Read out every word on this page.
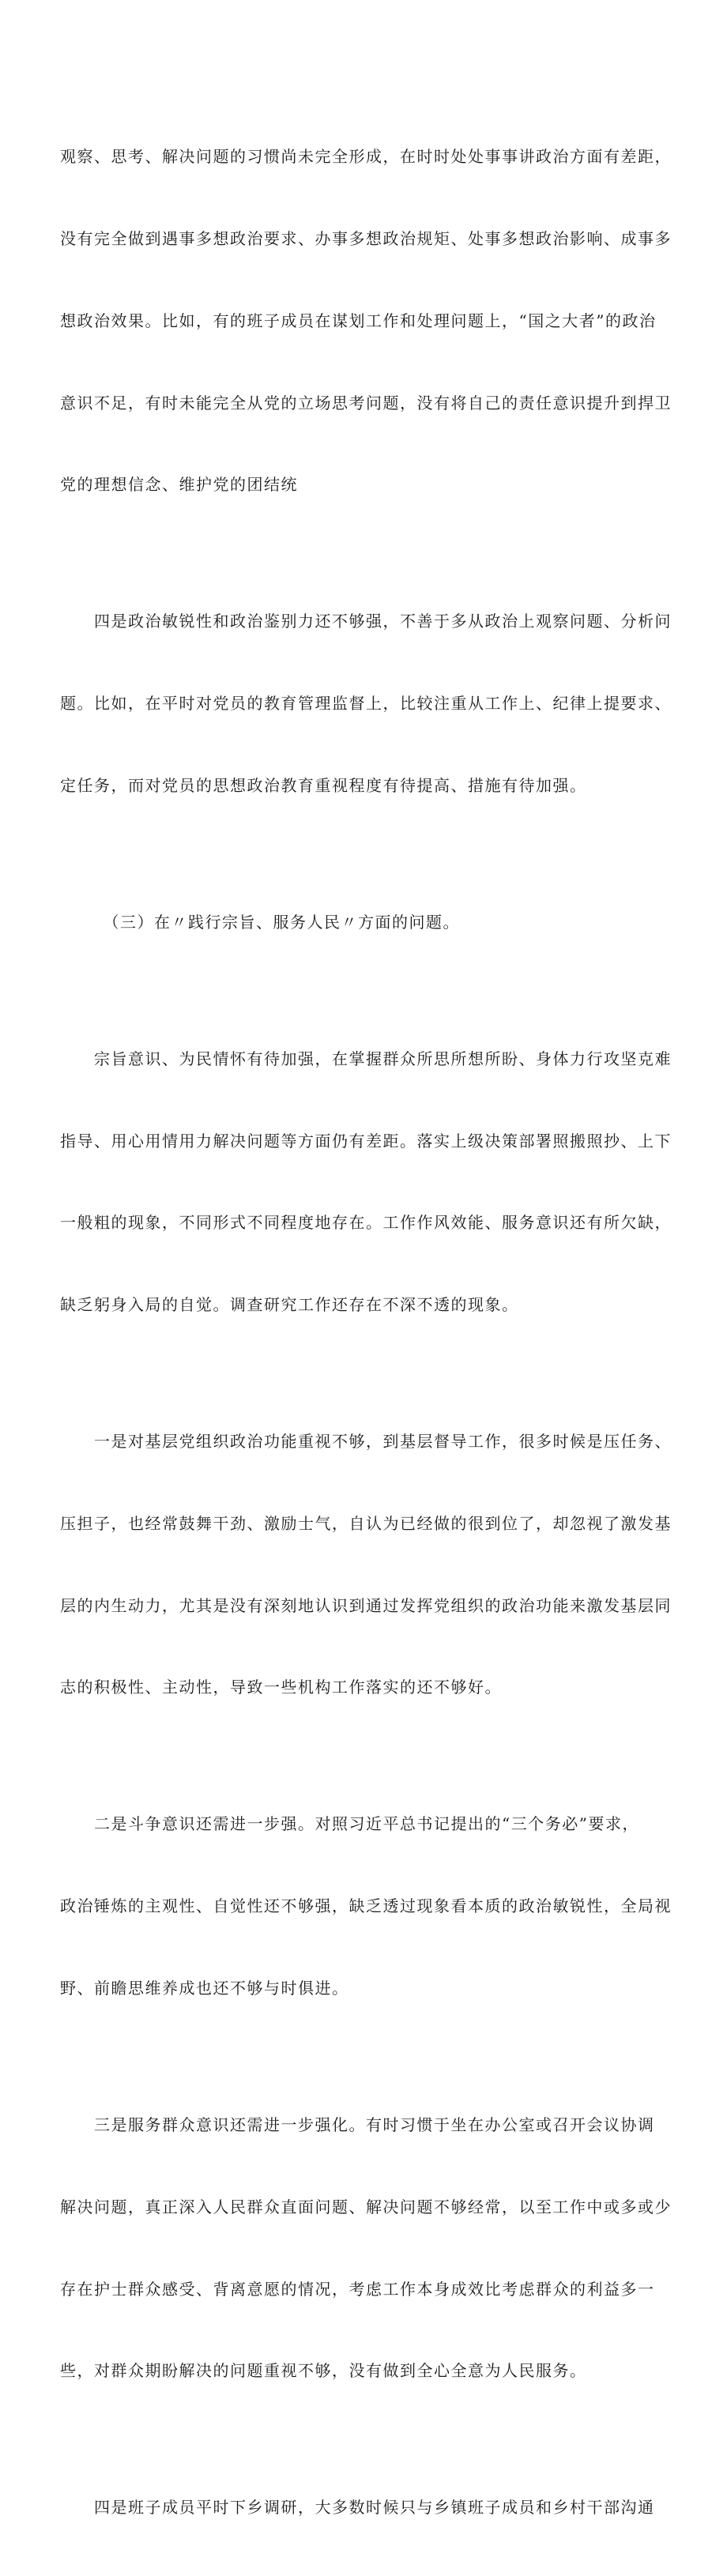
观察、思考、解决问题的习惯尚未完全形成，在时时处处事事讲政治方面有差距，

没有完全做到遇事多想政治要求、办事多想政治规矩、处事多想政治影响、成事多

想政治效果。比如，有的班子成员在谋划工作和处理问题上，“国之大者”的政治

意识不足，有时未能完全从党的立场思考问题，没有将自己的责任意识提升到捍卫

党的理想信念、维护党的团结统

　　四是政治敏锐性和政治鉴别力还不够强，不善于多从政治上观察问题、分析问

题。比如，在平时对党员的教育管理监督上，比较注重从工作上、纪律上提要求、

定任务，而对党员的思想政治教育重视程度有待提高、措施有待加强。

　　　（三）在〃践行宗旨、服务人民〃方面的问题。

　　宗旨意识、为民情怀有待加强，在掌握群众所思所想所盼、身体力行攻坚克难

指导、用心用情用力解决问题等方面仍有差距。落实上级决策部署照搬照抄、上下

一般粗的现象，不同形式不同程度地存在。工作作风效能、服务意识还有所欠缺，

缺乏躬身入局的自觉。调查研究工作还存在不深不透的现象。

　　一是对基层党组织政治功能重视不够，到基层督导工作，很多时候是压任务、

压担子，也经常鼓舞干劲、激励士气，自认为已经做的很到位了，却忽视了激发基

层的内生动力，尤其是没有深刻地认识到通过发挥党组织的政治功能来激发基层同

志的积极性、主动性，导致一些机构工作落实的还不够好。

　　二是斗争意识还需进一步强。对照习近平总书记提出的“三个务必”要求，

政治锤炼的主观性、自觉性还不够强，缺乏透过现象看本质的政治敏锐性，全局视

野、前瞻思维养成也还不够与时俱进。

　　三是服务群众意识还需进一步强化。有时习惯于坐在办公室或召开会议协调

解决问题，真正深入人民群众直面问题、解决问题不够经常，以至工作中或多或少

存在护士群众感受、背离意愿的情况，考虑工作本身成效比考虑群众的利益多一

些，对群众期盼解决的问题重视不够，没有做到全心全意为人民服务。

　　四是班子成员平时下乡调研，大多数时候只与乡镇班子成员和乡村干部沟通
